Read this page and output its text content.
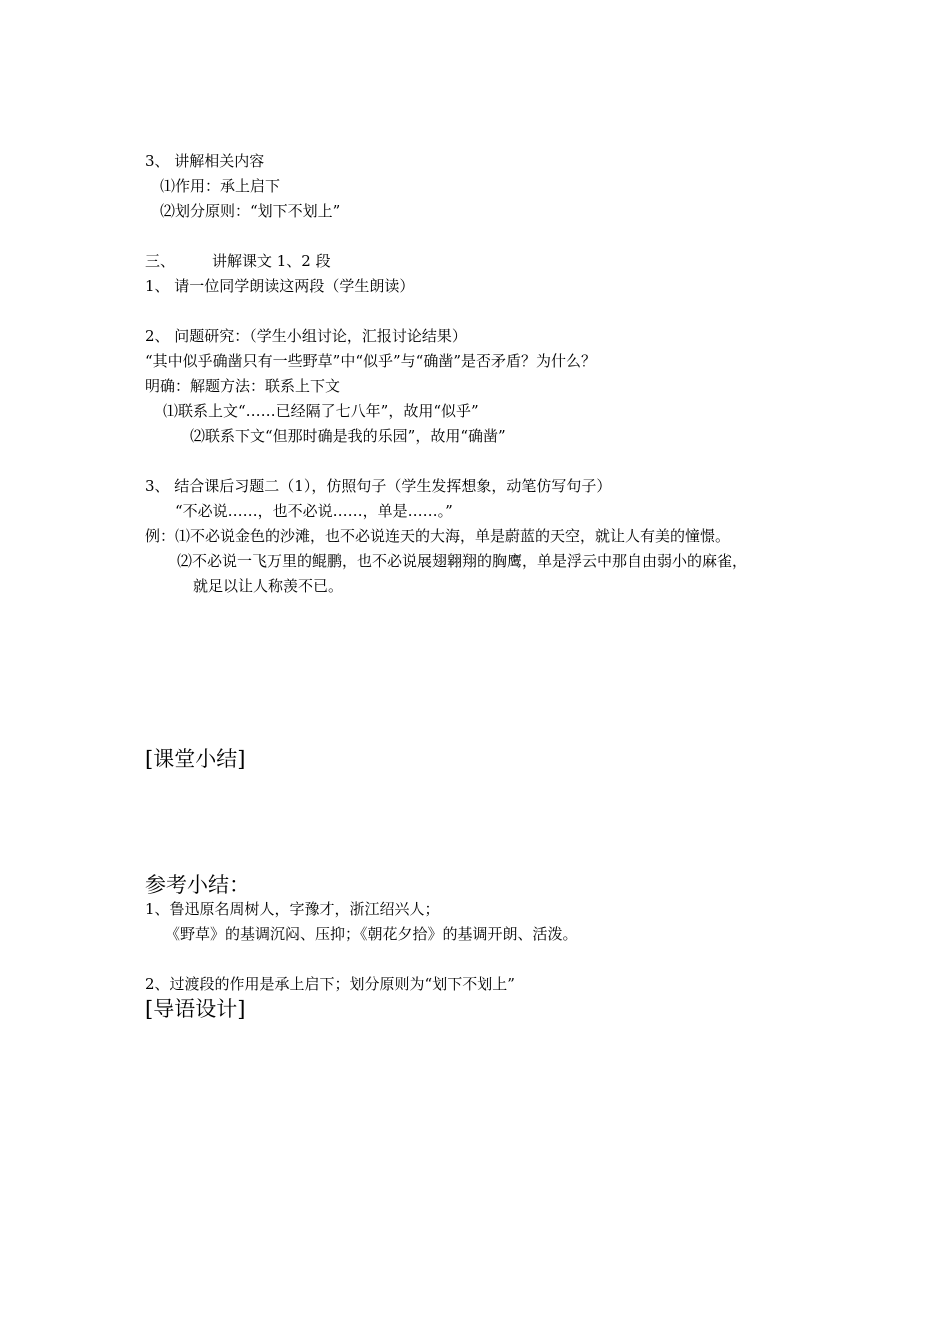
3、 讲解相关内容
⑴作用：承上启下
⑵划分原则：“划下不划上”
三、 讲解课文 1、2 段
1、 请一位同学朗读这两段（学生朗读）
2、 问题研究：（学生小组讨论，汇报讨论结果）
“其中似乎确凿只有一些野草”中“似乎”与“确凿”是否矛盾？为什么？
明确：解题方法：联系上下文
⑴联系上文“……已经隔了七八年”，故用“似乎”
⑵联系下文“但那时确是我的乐园”，故用“确凿”
3、 结合课后习题二（1），仿照句子（学生发挥想象，动笔仿写句子）
“不必说……，也不必说……，单是……。”
例：⑴不必说金色的沙滩，也不必说连天的大海，单是蔚蓝的天空，就让人有美的憧憬。
⑵不必说一飞万里的鲲鹏，也不必说展翅翱翔的胸鹰，单是浮云中那自由弱小的麻雀，
就足以让人称羡不已。
[课堂小结]
参考小结：
1、鲁迅原名周树人，字豫才，浙江绍兴人；
《野草》的基调沉闷、压抑；《朝花夕拾》的基调开朗、活泼。
2、过渡段的作用是承上启下；划分原则为“划下不划上”
[导语设计]
